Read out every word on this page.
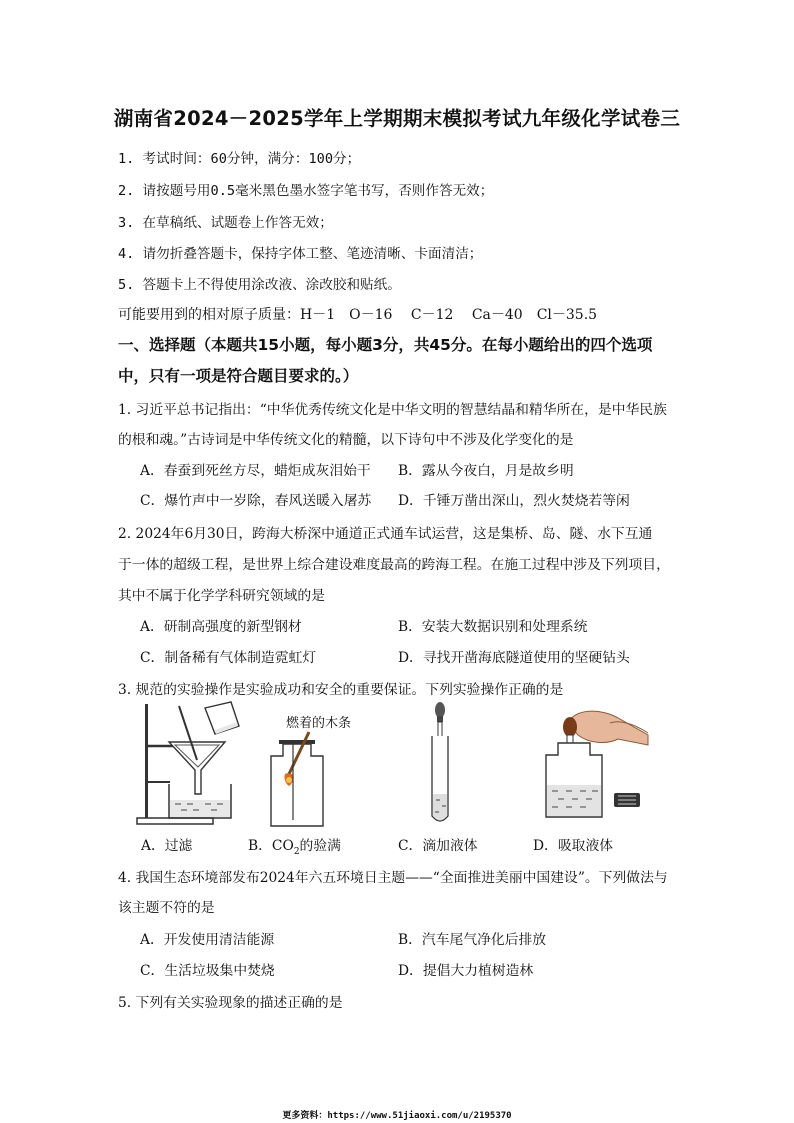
湖南省2024－2025学年上学期期末模拟考试九年级化学试卷三
1. 考试时间：60分钟，满分：100分；
2. 请按题号用0.5毫米黑色墨水签字笔书写，否则作答无效；
3. 在草稿纸、试题卷上作答无效；
4. 请勿折叠答题卡，保持字体工整、笔迹清晰、卡面清洁；
5. 答题卡上不得使用涂改液、涂改胶和贴纸。
可能要用到的相对原子质量：H－1　O－16　 C－12　 Ca－40　Cl－35.5
一、选择题（本题共15小题，每小题3分，共45分。在每小题给出的四个选项
中，只有一项是符合题目要求的。）
1. 习近平总书记指出：“中华优秀传统文化是中华文明的智慧结晶和精华所在，是中华民族
的根和魂。”古诗词是中华传统文化的精髓，以下诗句中不涉及化学变化的是
A．春蚕到死丝方尽，蜡炬成灰泪始干 B．露从今夜白，月是故乡明
C．爆竹声中一岁除，春风送暖入屠苏 D．千锤万凿出深山，烈火焚烧若等闲
2. 2024年6月30日，跨海大桥深中通道正式通车试运营，这是集桥、岛、隧、水下互通
于一体的超级工程，是世界上综合建设难度最高的跨海工程。在施工过程中涉及下列项目，
其中不属于化学学科研究领域的是
A．研制高强度的新型钢材	B．安装大数据识别和处理系统
C．制备稀有气体制造霓虹灯	D．寻找开凿海底隧道使用的坚硬钻头
3. 规范的实验操作是实验成功和安全的重要保证。下列实验操作正确的是
燃着的木条
A．过滤	B．$CO_2$的验满	C．滴加液体	D．吸取液体
4. 我国生态环境部发布2024年六五环境日主题——“全面推进美丽中国建设”。下列做法与
该主题不符的是
A．开发使用清洁能源	B．汽车尾气净化后排放
C．生活垃圾集中焚烧	D．提倡大力植树造林
5. 下列有关实验现象的描述正确的是
更多资料：https://www.51jiaoxi.com/u/2195370
